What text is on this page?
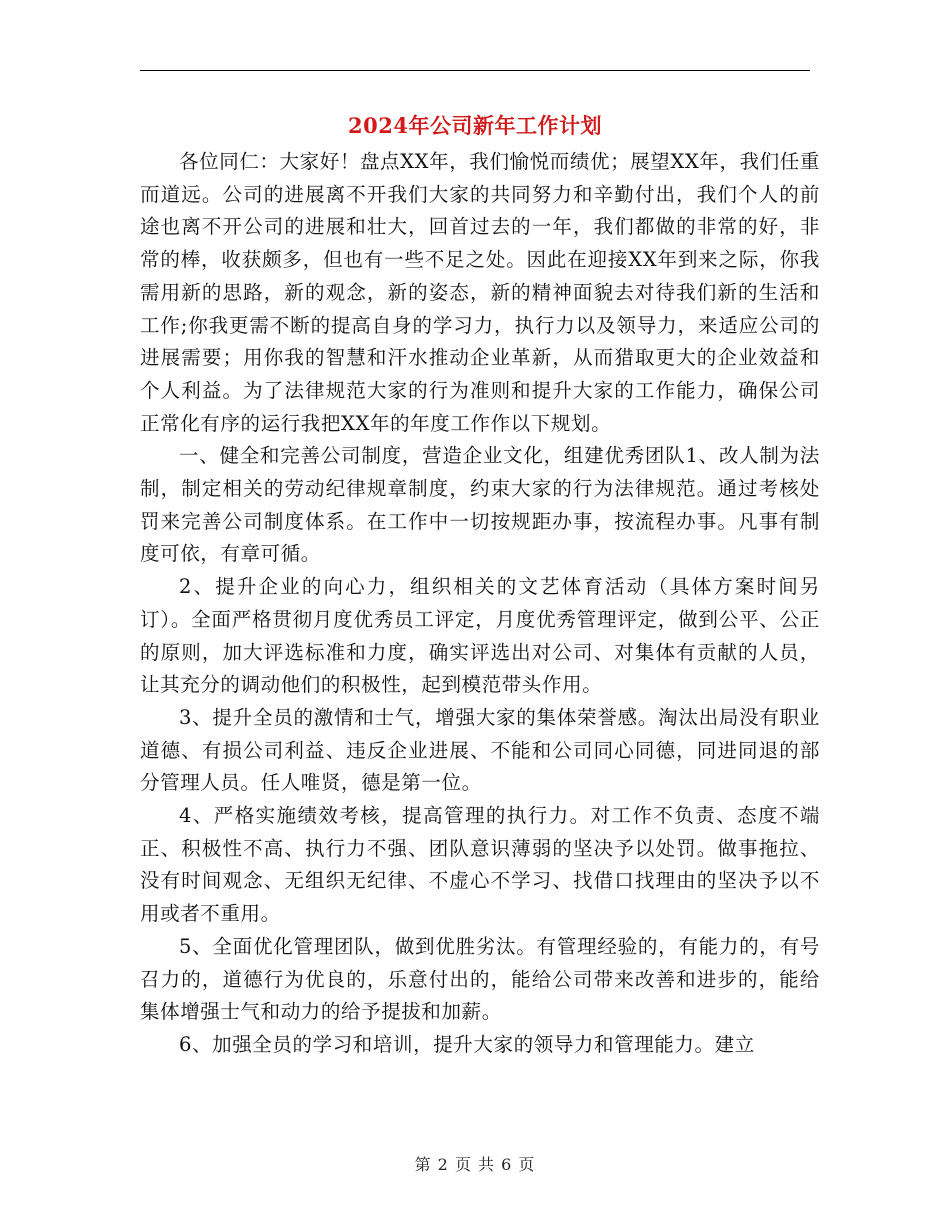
2024年公司新年工作计划

各位同仁：大家好！盘点XX年，我们愉悦而绩优；展望XX年，我们任重而道远。公司的进展离不开我们大家的共同努力和辛勤付出，我们个人的前途也离不开公司的进展和壮大，回首过去的一年，我们都做的非常的好，非常的棒，收获颇多，但也有一些不足之处。因此在迎接XX年到来之际，你我需用新的思路，新的观念，新的姿态，新的精神面貌去对待我们新的生活和工作;你我更需不断的提高自身的学习力，执行力以及领导力，来适应公司的进展需要；用你我的智慧和汗水推动企业革新，从而猎取更大的企业效益和个人利益。为了法律规范大家的行为准则和提升大家的工作能力，确保公司正常化有序的运行我把XX年的年度工作作以下规划。

一、健全和完善公司制度，营造企业文化，组建优秀团队1、改人制为法制，制定相关的劳动纪律规章制度，约束大家的行为法律规范。通过考核处罚来完善公司制度体系。在工作中一切按规距办事，按流程办事。凡事有制度可依，有章可循。

2、提升企业的向心力，组织相关的文艺体育活动（具体方案时间另订）。全面严格贯彻月度优秀员工评定，月度优秀管理评定，做到公平、公正的原则，加大评选标准和力度，确实评选出对公司、对集体有贡献的人员，让其充分的调动他们的积极性，起到模范带头作用。

3、提升全员的激情和士气，增强大家的集体荣誉感。淘汰出局没有职业道德、有损公司利益、违反企业进展、不能和公司同心同德，同进同退的部分管理人员。任人唯贤，德是第一位。

4、严格实施绩效考核，提高管理的执行力。对工作不负责、态度不端正、积极性不高、执行力不强、团队意识薄弱的坚决予以处罚。做事拖拉、没有时间观念、无组织无纪律、不虚心不学习、找借口找理由的坚决予以不用或者不重用。

5、全面优化管理团队，做到优胜劣汰。有管理经验的，有能力的，有号召力的，道德行为优良的，乐意付出的，能给公司带来改善和进步的，能给集体增强士气和动力的给予提拔和加薪。

6、加强全员的学习和培训，提升大家的领导力和管理能力。建立

第 2 页 共 6 页
